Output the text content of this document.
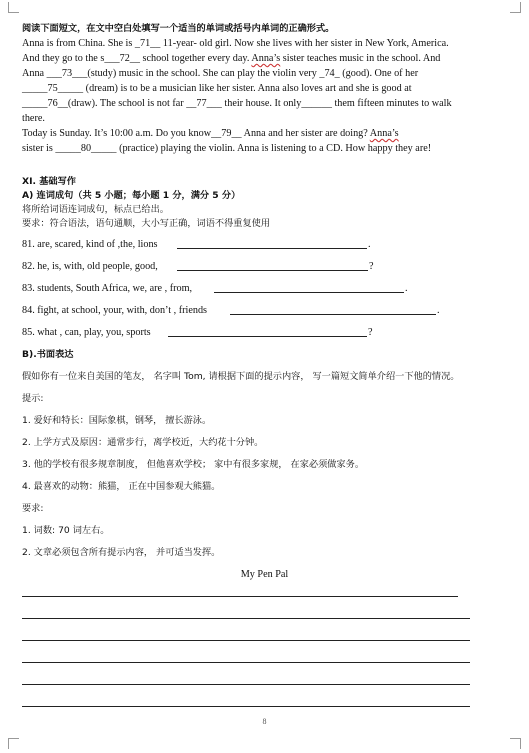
阅读下面短文，在文中空白处填写一个适当的单词或括号内单词的正确形式。
Anna is from China. She is _71__ 11-year- old girl. Now she lives with her sister in New York, America.
And they go to the s___72__ school together every day. Anna’s sister teaches music in the school. And
Anna ___73___(study) music in the school. She can play the violin very _74_ (good). One of her
_____75_____ (dream) is to be a musician like her sister. Anna also loves art and she is good at
_____76__(draw). The school is not far __77___ their house. It only______ them fifteen minutes to walk
there.
Today is Sunday. It’s 10:00 a.m. Do you know__79__ Anna and her sister are doing? Anna’s
sister is _____80_____ (practice) playing the violin. Anna is listening to a CD. How happy they are!
XI. 基础写作
A) 连词成句（共 5 小题；每小题 1 分，满分 5 分）
将所给词语连词成句，标点已给出。
要求：符合语法，语句通顺，大小写正确，词语不得重复使用
81. are, scared, kind of ,the, lions	.
82. he, is, with, old people, good,	?
83. students, South Africa, we, are , from,	.
84. fight, at school, your, with, don’t , friends	.
85. what , can, play, you, sports	?
B).书面表达
假如你有一位来自美国的笔友， 名字叫 Tom, 请根据下面的提示内容， 写一篇短文简单介绍一下他的情况。
提示:
1. 爱好和特长：国际象棋，钢琴， 擅长游泳。
2. 上学方式及原因：通常步行，离学校近，大约花十分钟。
3. 他的学校有很多规章制度， 但他喜欢学校； 家中有很多家规， 在家必须做家务。
4. 最喜欢的动物：熊猫， 正在中国参观大熊猫。
要求:
1. 词数: 70 词左右。
2. 文章必须包含所有提示内容， 并可适当发挥。
My Pen Pal
8
